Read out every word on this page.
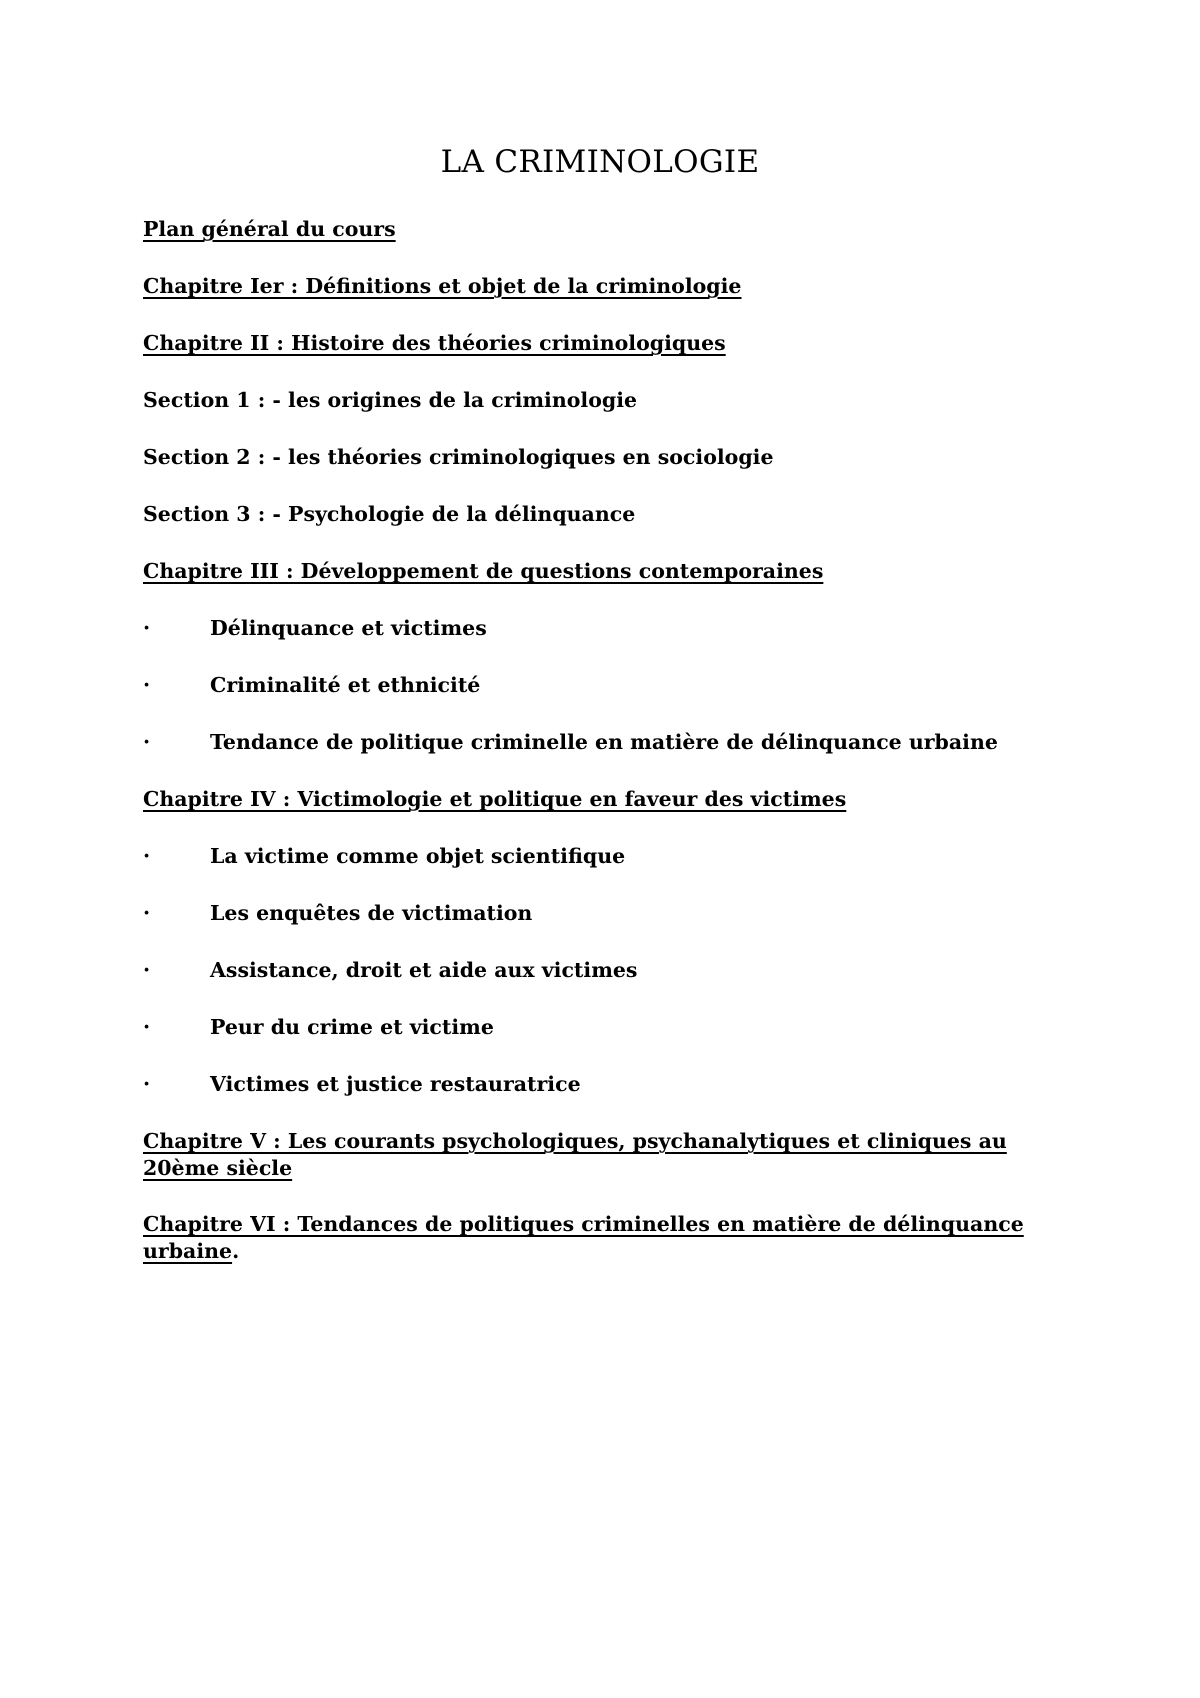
LA CRIMINOLOGIE
Plan général du cours
Chapitre Ier : Définitions et objet de la criminologie
Chapitre II : Histoire des théories criminologiques
Section 1 : - les origines de la criminologie
Section 2 : - les théories criminologiques en sociologie
Section 3 : - Psychologie de la délinquance
Chapitre III : Développement de questions contemporaines
·	Délinquance et victimes
·	Criminalité et ethnicité
·	Tendance de politique criminelle en matière de délinquance urbaine
Chapitre IV : Victimologie et politique en faveur des victimes
·	La victime comme objet scientifique
·	Les enquêtes de victimation
·	Assistance, droit et aide aux victimes
·	Peur du crime et victime
·	Victimes et justice restauratrice
Chapitre V : Les courants psychologiques, psychanalytiques et cliniques au 20ème siècle
Chapitre VI : Tendances de politiques criminelles en matière de délinquance urbaine.
